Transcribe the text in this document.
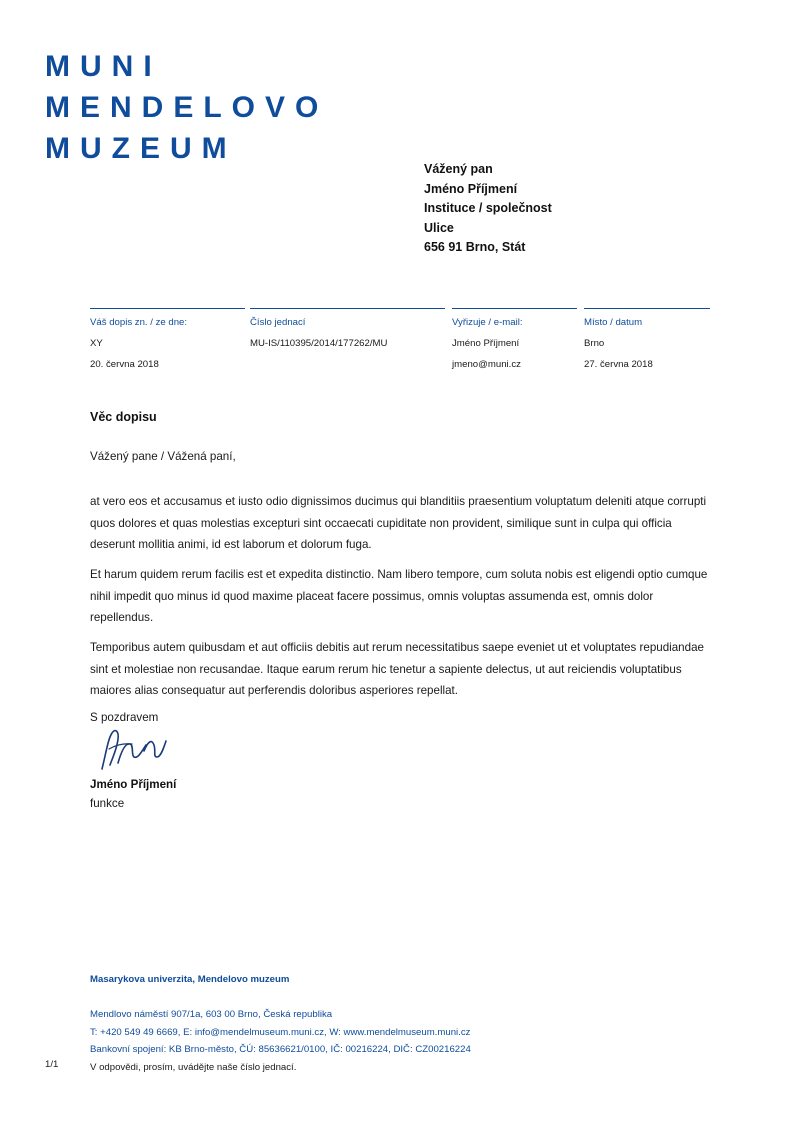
MUNI
MENDELOVO
MUZEUM
Vážený pan
Jméno Příjmení
Instituce / společnost
Ulice
656 91 Brno, Stát
Váš dopis zn. / ze dne:
XY
20. června 2018
Číslo jednací
MU-IS/110395/2014/177262/MU
Vyřizuje / e-mail:
Jméno Příjmení
jmeno@muni.cz
Místo / datum
Brno
27. června 2018
Věc dopisu
Vážený pane / Vážená paní,
at vero eos et accusamus et iusto odio dignissimos ducimus qui blanditiis praesentium voluptatum deleniti atque corrupti quos dolores et quas molestias excepturi sint occaecati cupiditate non provident, similique sunt in culpa qui officia deserunt mollitia animi, id est laborum et dolorum fuga.
Et harum quidem rerum facilis est et expedita distinctio. Nam libero tempore, cum soluta nobis est eligendi optio cumque nihil impedit quo minus id quod maxime placeat facere possimus, omnis voluptas assumenda est, omnis dolor repellendus.
Temporibus autem quibusdam et aut officiis debitis aut rerum necessitatibus saepe eveniet ut et voluptates repudiandae sint et molestiae non recusandae. Itaque earum rerum hic tenetur a sapiente delectus, ut aut reiciendis voluptatibus maiores alias consequatur aut perferendis doloribus asperiores repellat.
S pozdravem
Jméno Příjmení
funkce
Masarykova univerzita, Mendelovo muzeum
Mendlovo náměstí 907/1a, 603 00 Brno, Česká republika
T: +420 549 49 6669, E: info@mendelmuseum.muni.cz, W: www.mendelmuseum.muni.cz
Bankovní spojení: KB Brno-město, ČÚ: 85636621/0100, IČ: 00216224, DIČ: CZ00216224
V odpovědi, prosím, uvádějte naše číslo jednací.
1/1
